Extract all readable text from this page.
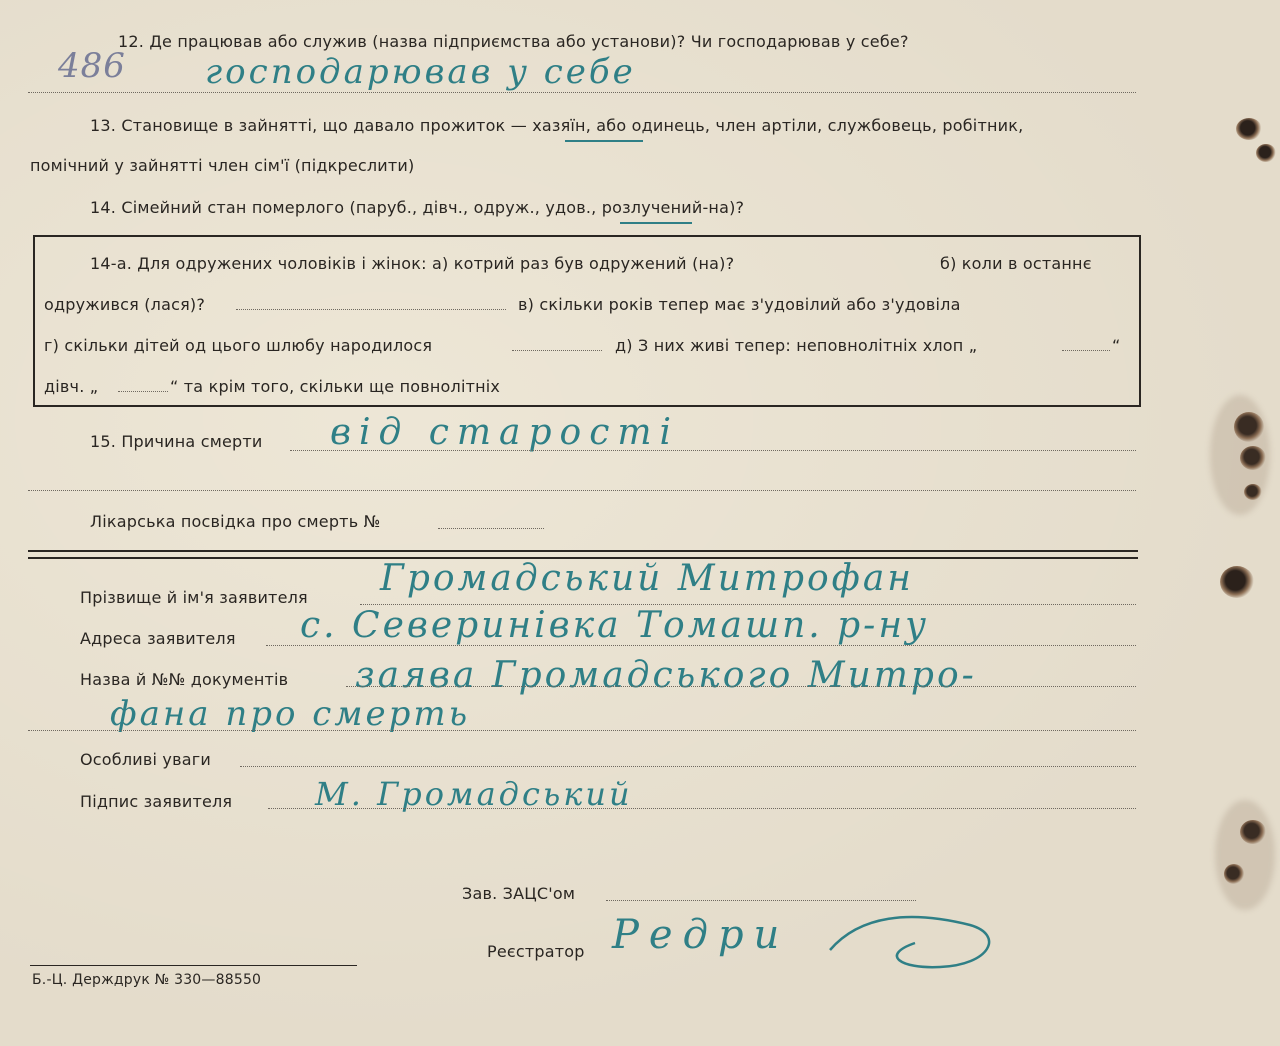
12. Де працював або служив (назва підприємства або установи)? Чи господарював у себе?
486 господарював у себе
13. Становище в зайнятті, що давало прожиток — хазяїн, або одинець, член артіли, службовець, робітник,
помічний у зайнятті член сім'ї (підкреслити)
14. Сімейний стан померлого (паруб., дівч., одруж., удов., розлучений-на)?
14-а. Для одружених чоловіків і жінок: а) котрий раз був одружений (на)?	б) коли в останнє
одружився (лася)?	в) скільки років тепер має з'удовілий або з'удовіла
г) скільки дітей од цього шлюбу народилося	д) З них живі тепер: неповнолітніх хлоп „	“
дівч. „	“ та крім того, скільки ще повнолітніх
15. Причина смерти від старості
Лікарська посвідка про смерть №
Прізвище й ім'я заявителя Громадський Митрофан
Адреса заявителя с. Северинівка Томашп. р-ну
Назва й №№ документів заява Громадського Митро-
фана про смерть
Особливі уваги
Підпис заявителя	М. Громадський
Зав. ЗАЦС'ом
Реєстратор Редри
Б.-Ц. Держдрук № 330—88550
